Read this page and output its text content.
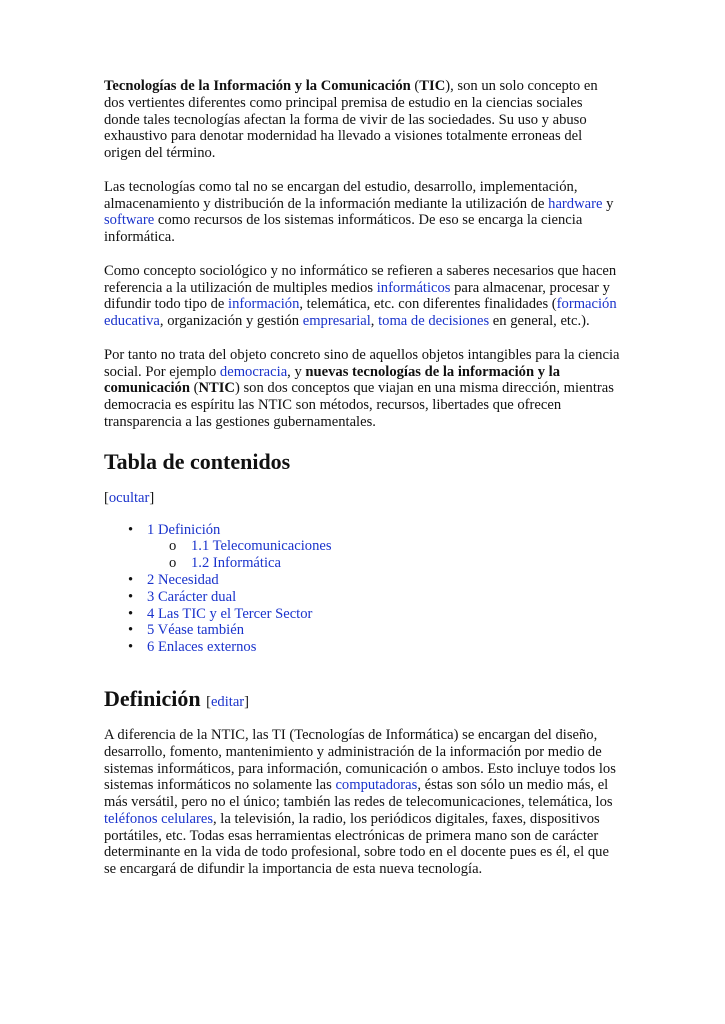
Tecnologías de la Información y la Comunicación (TIC), son un solo concepto en dos vertientes diferentes como principal premisa de estudio en la ciencias sociales donde tales tecnologías afectan la forma de vivir de las sociedades. Su uso y abuso exhaustivo para denotar modernidad ha llevado a visiones totalmente erroneas del origen del término.

Las tecnologías como tal no se encargan del estudio, desarrollo, implementación, almacenamiento y distribución de la información mediante la utilización de hardware y software como recursos de los sistemas informáticos. De eso se encarga la ciencia informática.

Como concepto sociológico y no informático se refieren a saberes necesarios que hacen referencia a la utilización de multiples medios informáticos para almacenar, procesar y difundir todo tipo de información, telemática, etc. con diferentes finalidades (formación educativa, organización y gestión empresarial, toma de decisiones en general, etc.).

Por tanto no trata del objeto concreto sino de aquellos objetos intangibles para la ciencia social. Por ejemplo democracia, y nuevas tecnologías de la información y la comunicación (NTIC) son dos conceptos que viajan en una misma dirección, mientras democracia es espíritu las NTIC son métodos, recursos, libertades que ofrecen transparencia a las gestiones gubernamentales.

Tabla de contenidos
[ocultar]
• 1 Definición
o 1.1 Telecomunicaciones
o 1.2 Informática
• 2 Necesidad
• 3 Carácter dual
• 4 Las TIC y el Tercer Sector
• 5 Véase también
• 6 Enlaces externos
Definición [editar]

A diferencia de la NTIC, las TI (Tecnologías de Informática) se encargan del diseño, desarrollo, fomento, mantenimiento y administración de la información por medio de sistemas informáticos, para información, comunicación o ambos. Esto incluye todos los sistemas informáticos no solamente las computadoras, éstas son sólo un medio más, el más versátil, pero no el único; también las redes de telecomunicaciones, telemática, los teléfonos celulares, la televisión, la radio, los periódicos digitales, faxes, dispositivos portátiles, etc. Todas esas herramientas electrónicas de primera mano son de carácter determinante en la vida de todo profesional, sobre todo en el docente pues es él, el que se encargará de difundir la importancia de esta nueva tecnología.
